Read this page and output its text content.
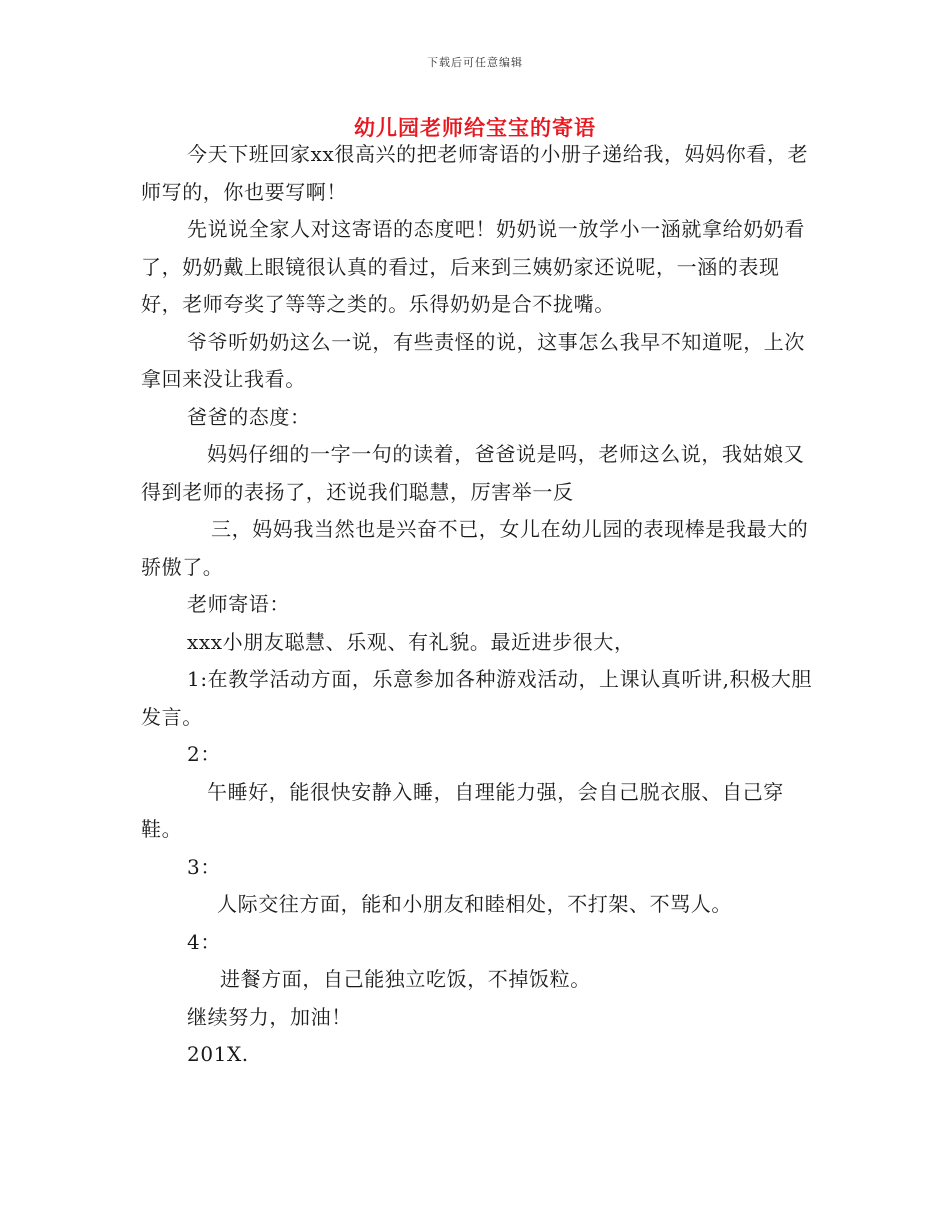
下载后可任意编辑
幼儿园老师给宝宝的寄语

今天下班回家xx很高兴的把老师寄语的小册子递给我，妈妈你看，老师写的，你也要写啊！

先说说全家人对这寄语的态度吧！奶奶说一放学小一涵就拿给奶奶看了，奶奶戴上眼镜很认真的看过，后来到三姨奶家还说呢，一涵的表现好，老师夸奖了等等之类的。乐得奶奶是合不拢嘴。

爷爷听奶奶这么一说，有些责怪的说，这事怎么我早不知道呢，上次拿回来没让我看。

爸爸的态度：

妈妈仔细的一字一句的读着，爸爸说是吗，老师这么说，我姑娘又得到老师的表扬了，还说我们聪慧，厉害举一反

三，妈妈我当然也是兴奋不已，女儿在幼儿园的表现棒是我最大的骄傲了。

老师寄语：

xxx小朋友聪慧、乐观、有礼貌。最近进步很大，

1:在教学活动方面，乐意参加各种游戏活动，上课认真听讲,积极大胆发言。

2：

午睡好，能很快安静入睡，自理能力强，会自己脱衣服、自己穿鞋。

3：

人际交往方面，能和小朋友和睦相处，不打架、不骂人。

4：

进餐方面，自己能独立吃饭，不掉饭粒。

继续努力，加油！

201X.
